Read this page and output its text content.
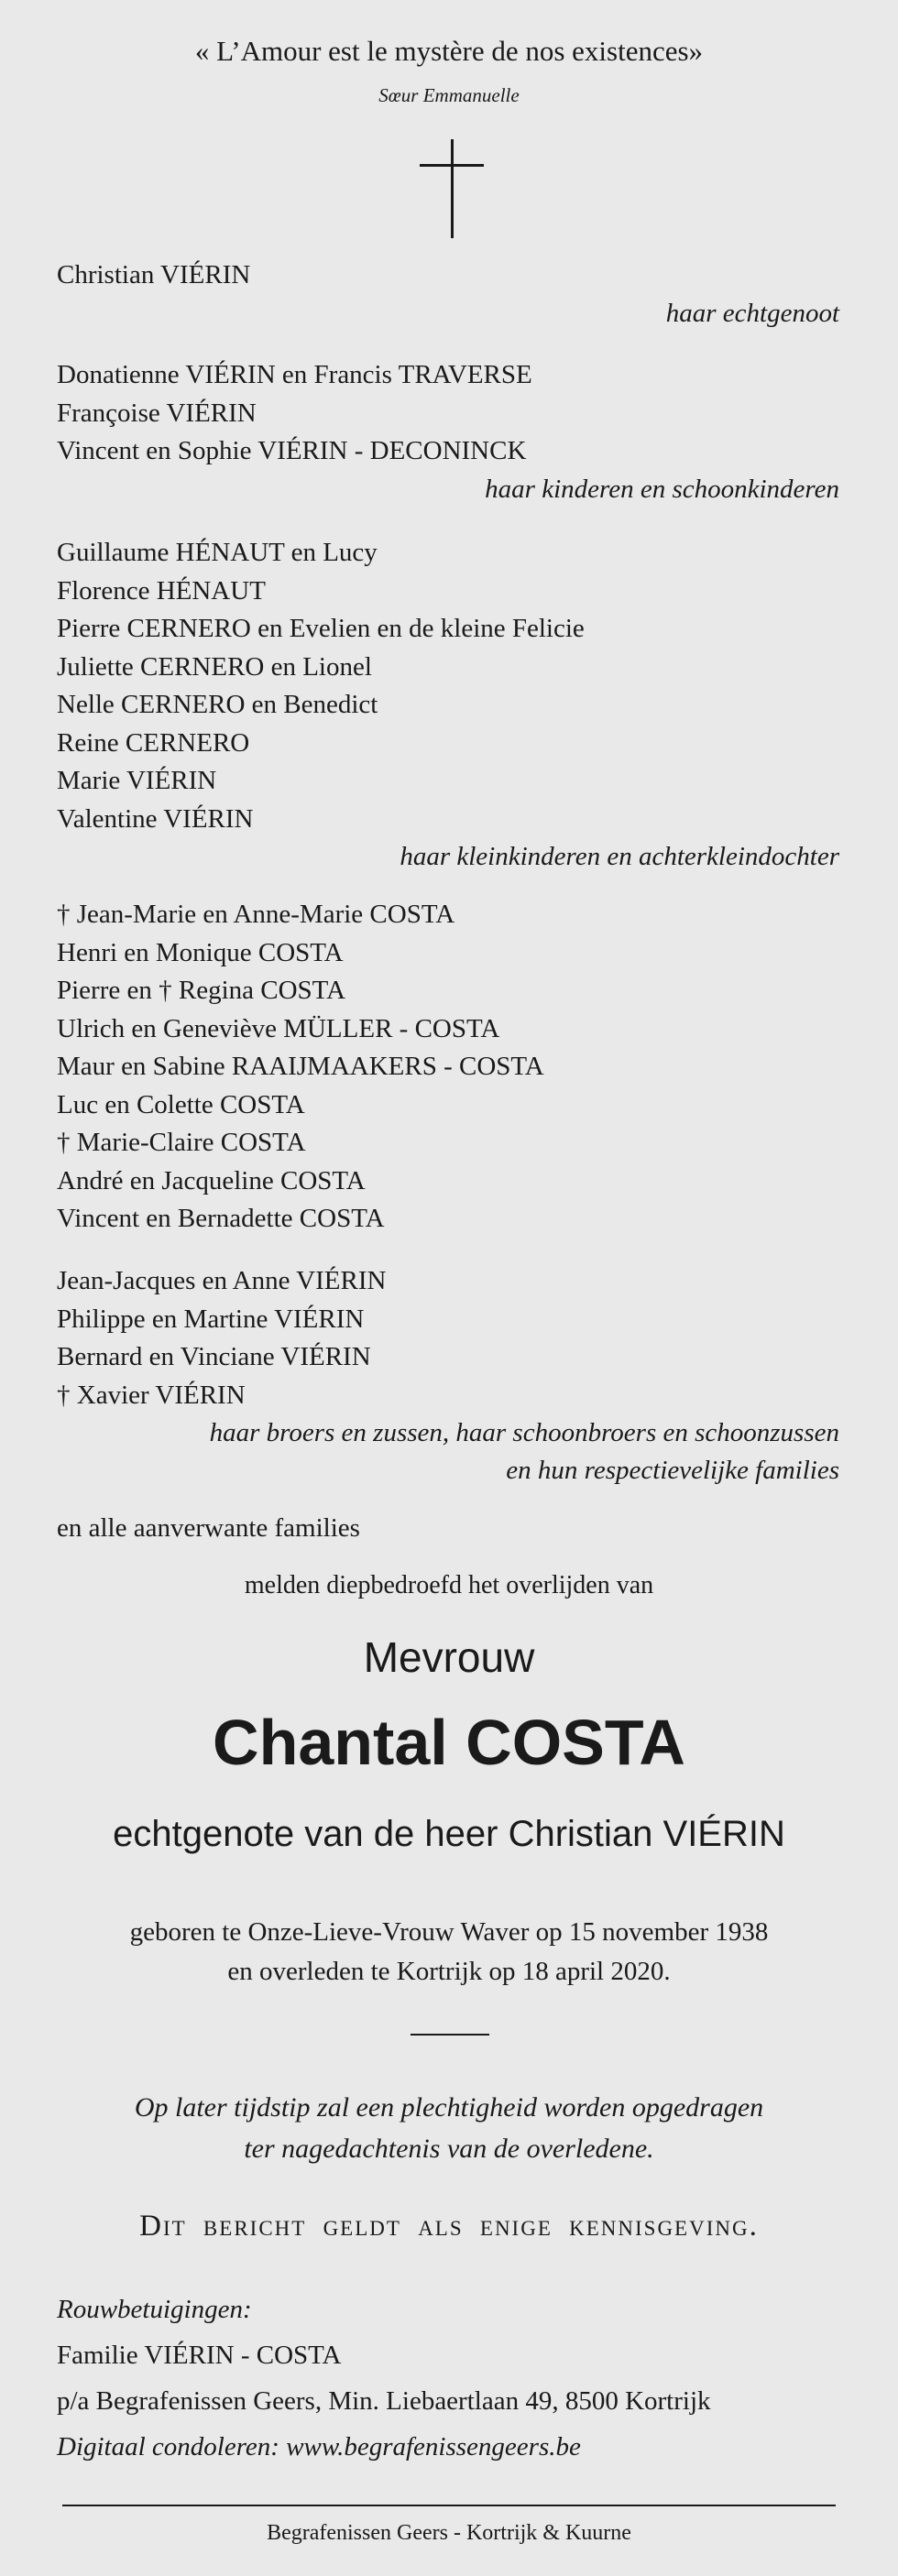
« L’Amour est le mystère de nos existences»
Sœur Emmanuelle
Christian VIÉRIN
haar echtgenoot
Donatienne VIÉRIN en Francis TRAVERSE
Françoise VIÉRIN
Vincent en Sophie VIÉRIN - DECONINCK
haar kinderen en schoonkinderen
Guillaume HÉNAUT en Lucy
Florence HÉNAUT
Pierre CERNERO en Evelien en de kleine Felicie
Juliette CERNERO en Lionel
Nelle CERNERO en Benedict
Reine CERNERO
Marie VIÉRIN
Valentine VIÉRIN
haar kleinkinderen en achterkleindochter
† Jean-Marie en Anne-Marie COSTA
Henri en Monique COSTA
Pierre en † Regina COSTA
Ulrich en Geneviève MÜLLER - COSTA
Maur en Sabine RAAIJMAAKERS - COSTA
Luc en Colette COSTA
† Marie-Claire COSTA
André en Jacqueline COSTA
Vincent en Bernadette COSTA
Jean-Jacques en Anne VIÉRIN
Philippe en Martine VIÉRIN
Bernard en Vinciane VIÉRIN
† Xavier VIÉRIN
haar broers en zussen, haar schoonbroers en schoonzussen
en hun respectievelijke families
en alle aanverwante families
melden diepbedroefd het overlijden van
Mevrouw
Chantal COSTA
echtgenote van de heer Christian VIÉRIN
geboren te Onze-Lieve-Vrouw Waver op 15 november 1938
en overleden te Kortrijk op 18 april 2020.
Op later tijdstip zal een plechtigheid worden opgedragen
ter nagedachtenis van de overledene.
Dit bericht geldt als enige kennisgeving.
Rouwbetuigingen:
Familie VIÉRIN - COSTA
p/a Begrafenissen Geers, Min. Liebaertlaan 49, 8500 Kortrijk
Digitaal condoleren: www.begrafenissengeers.be
Begrafenissen Geers - Kortrijk & Kuurne
